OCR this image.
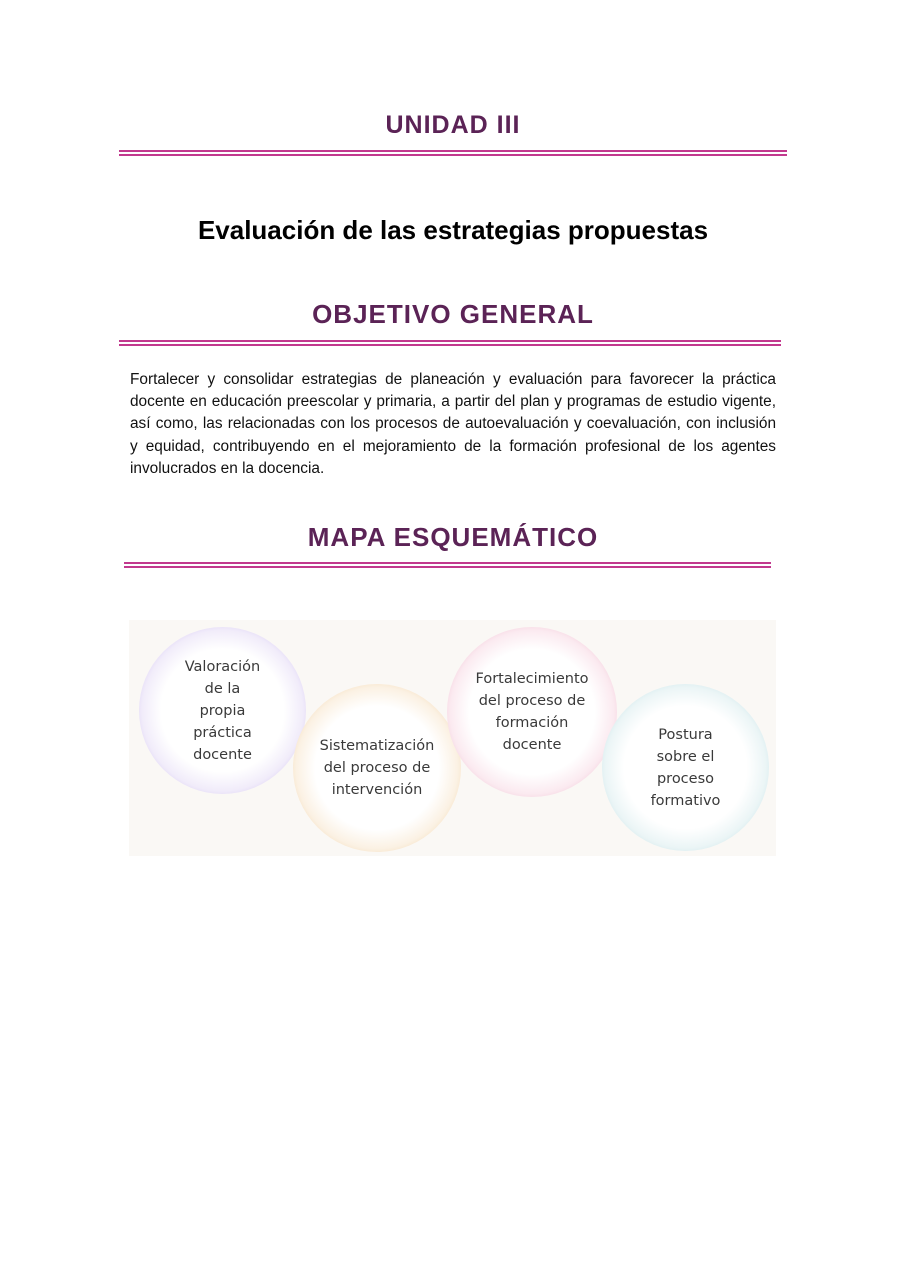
UNIDAD III
Evaluación de las estrategias propuestas
OBJETIVO GENERAL

Fortalecer y consolidar estrategias de planeación y evaluación para favorecer la práctica docente en educación preescolar y primaria, a partir del plan y programas de estudio vigente, así como, las relacionadas con los procesos de autoevaluación y coevaluación, con inclusión y equidad, contribuyendo en el mejoramiento de la formación profesional de los agentes involucrados en la docencia.

MAPA ESQUEMÁTICO
Valoración
de la
propia
práctica
docente
Sistematización
del proceso de
intervención
Fortalecimiento
del proceso de
formación
docente
Postura
sobre el
proceso
formativo
